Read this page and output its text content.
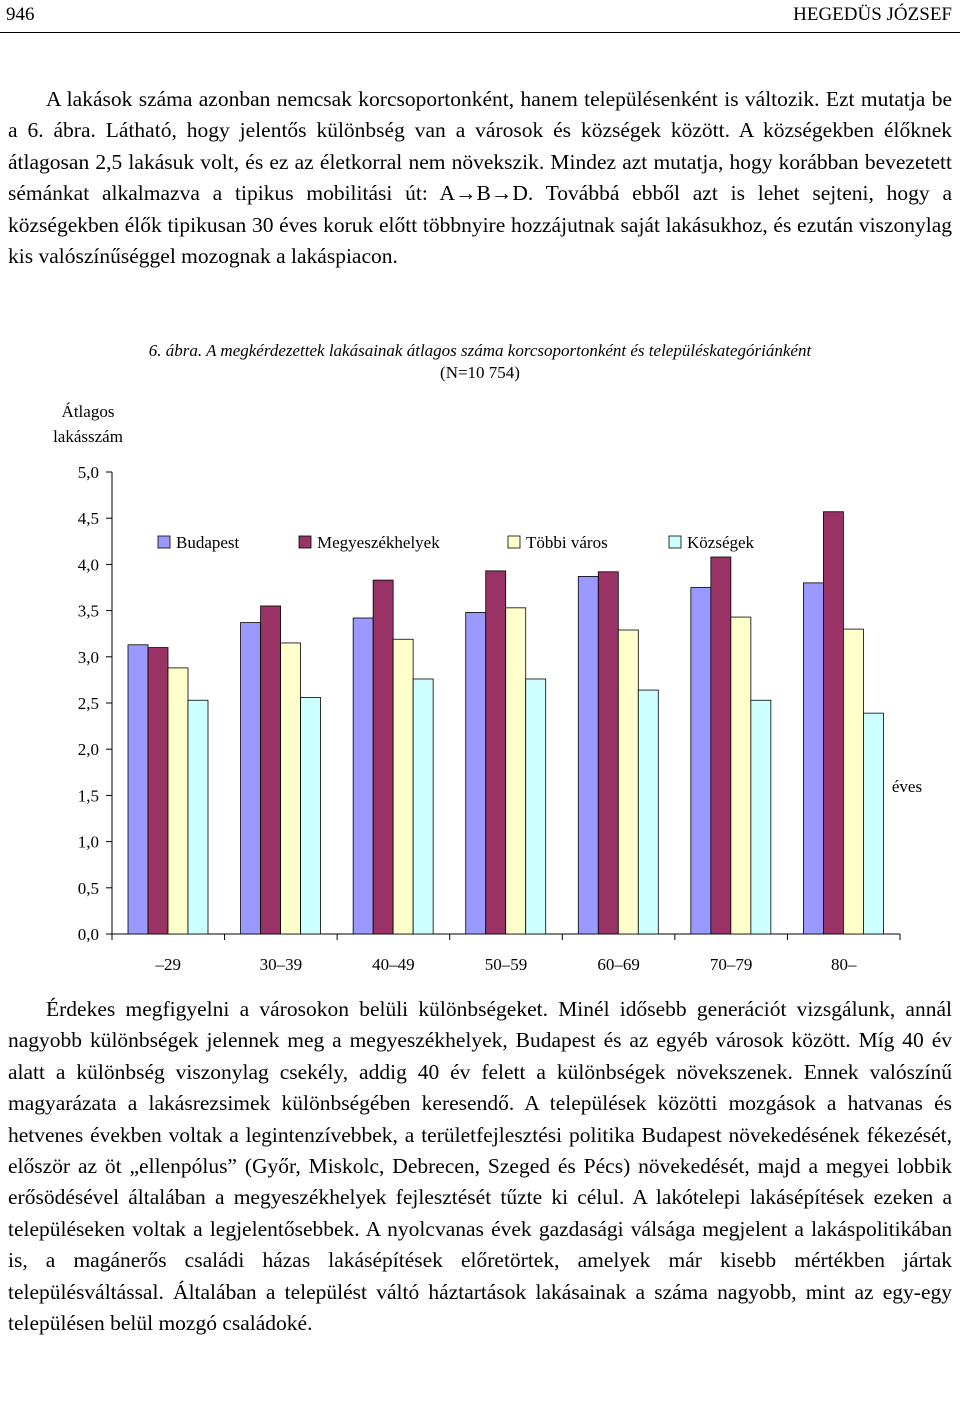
946	HEGEDÜS JÓZSEF

A lakások száma azonban nemcsak korcsoportonként, hanem településenként is változik. Ezt mutatja be a 6. ábra. Látható, hogy jelentős különbség van a városok és községek között. A községekben élőknek átlagosan 2,5 lakásuk volt, és ez az életkorral nem növekszik. Mindez azt mutatja, hogy korábban bevezetett sémánkat alkalmazva a tipikus mobilitási út: A→B→D. Továbbá ebből azt is lehet sejteni, hogy a községekben élők tipikusan 30 éves koruk előtt többnyire hozzájutnak saját lakásukhoz, és ezután viszonylag kis valószínűséggel mozognak a lakáspiacon.

6. ábra. A megkérdezettek lakásainak átlagos száma korcsoportonként és településkategóriánként
(N=10 754)
Átlagos
lakásszám
0,0
0,5
1,0
1,5
2,0
2,5
3,0
3,5
4,0
4,5
5,0
–29	30–39	40–49	50–59	60–69	70–79	80–
éves
Budapest	Megyeszékhelyek	Többi város	Községek

Érdekes megfigyelni a városokon belüli különbségeket. Minél idősebb generációt vizsgálunk, annál nagyobb különbségek jelennek meg a megyeszékhelyek, Budapest és az egyéb városok között. Míg 40 év alatt a különbség viszonylag csekély, addig 40 év felett a különbségek növekszenek. Ennek valószínű magyarázata a lakásrezsimek különbségében keresendő. A települések közötti mozgások a hatvanas és hetvenes években voltak a legintenzívebbek, a területfejlesztési politika Budapest növekedésének fékezését, először az öt „ellenpólus” (Győr, Miskolc, Debrecen, Szeged és Pécs) növekedését, majd a megyei lobbik erősödésével általában a megyeszékhelyek fejlesztését tűzte ki célul. A lakótelepi lakásépítések ezeken a településeken voltak a legjelentősebbek. A nyolcvanas évek gazdasági válsága megjelent a lakáspolitikában is, a magánerős családi házas lakásépítések előretörtek, amelyek már kisebb mértékben jártak településváltással. Általában a települést váltó háztartások lakásainak a száma nagyobb, mint az egy-egy településen belül mozgó családoké.
